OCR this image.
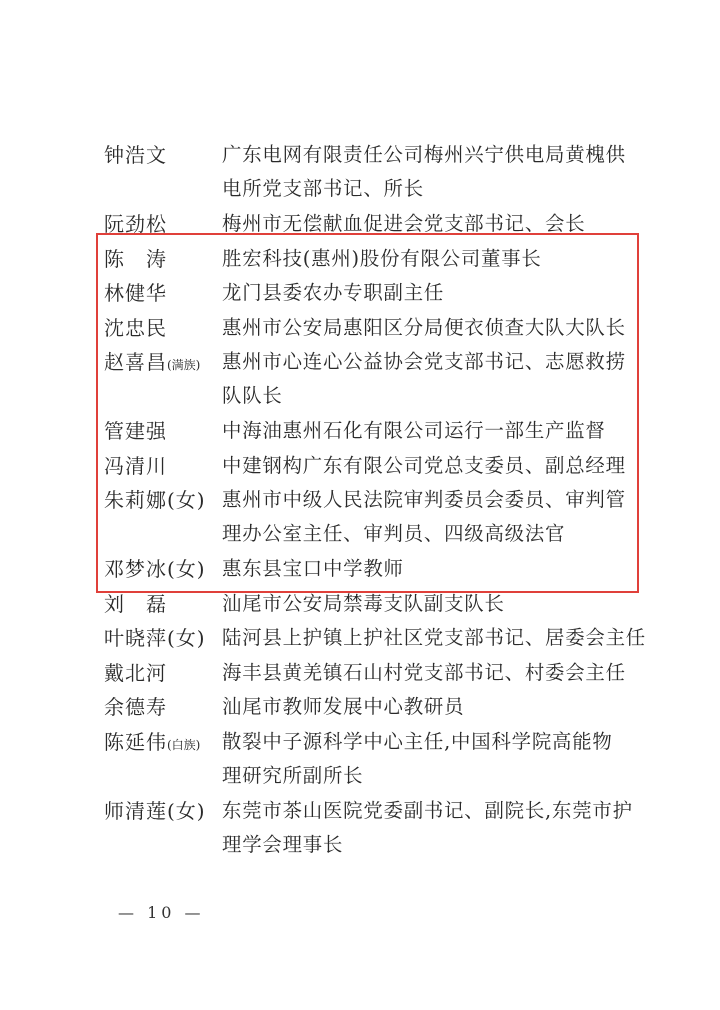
钟浩文	广东电网有限责任公司梅州兴宁供电局黄槐供
电所党支部书记、所长
阮劲松	梅州市无偿献血促进会党支部书记、会长
陈　涛	胜宏科技(惠州)股份有限公司董事长
林健华	龙门县委农办专职副主任
沈忠民	惠州市公安局惠阳区分局便衣侦查大队大队长
赵喜昌(满族) 惠州市心连心公益协会党支部书记、志愿救捞
队队长
管建强	中海油惠州石化有限公司运行一部生产监督
冯清川	中建钢构广东有限公司党总支委员、副总经理
朱莉娜(女) 惠州市中级人民法院审判委员会委员、审判管
理办公室主任、审判员、四级高级法官
邓梦冰(女) 惠东县宝口中学教师
刘　磊	汕尾市公安局禁毒支队副支队长
叶晓萍(女) 陆河县上护镇上护社区党支部书记、居委会主任
戴北河	海丰县黄羌镇石山村党支部书记、村委会主任
余德寿	汕尾市教师发展中心教研员
陈延伟(白族) 散裂中子源科学中心主任,中国科学院高能物
理研究所副所长
师清莲(女) 东莞市茶山医院党委副书记、副院长,东莞市护
理学会理事长
— 10 —
